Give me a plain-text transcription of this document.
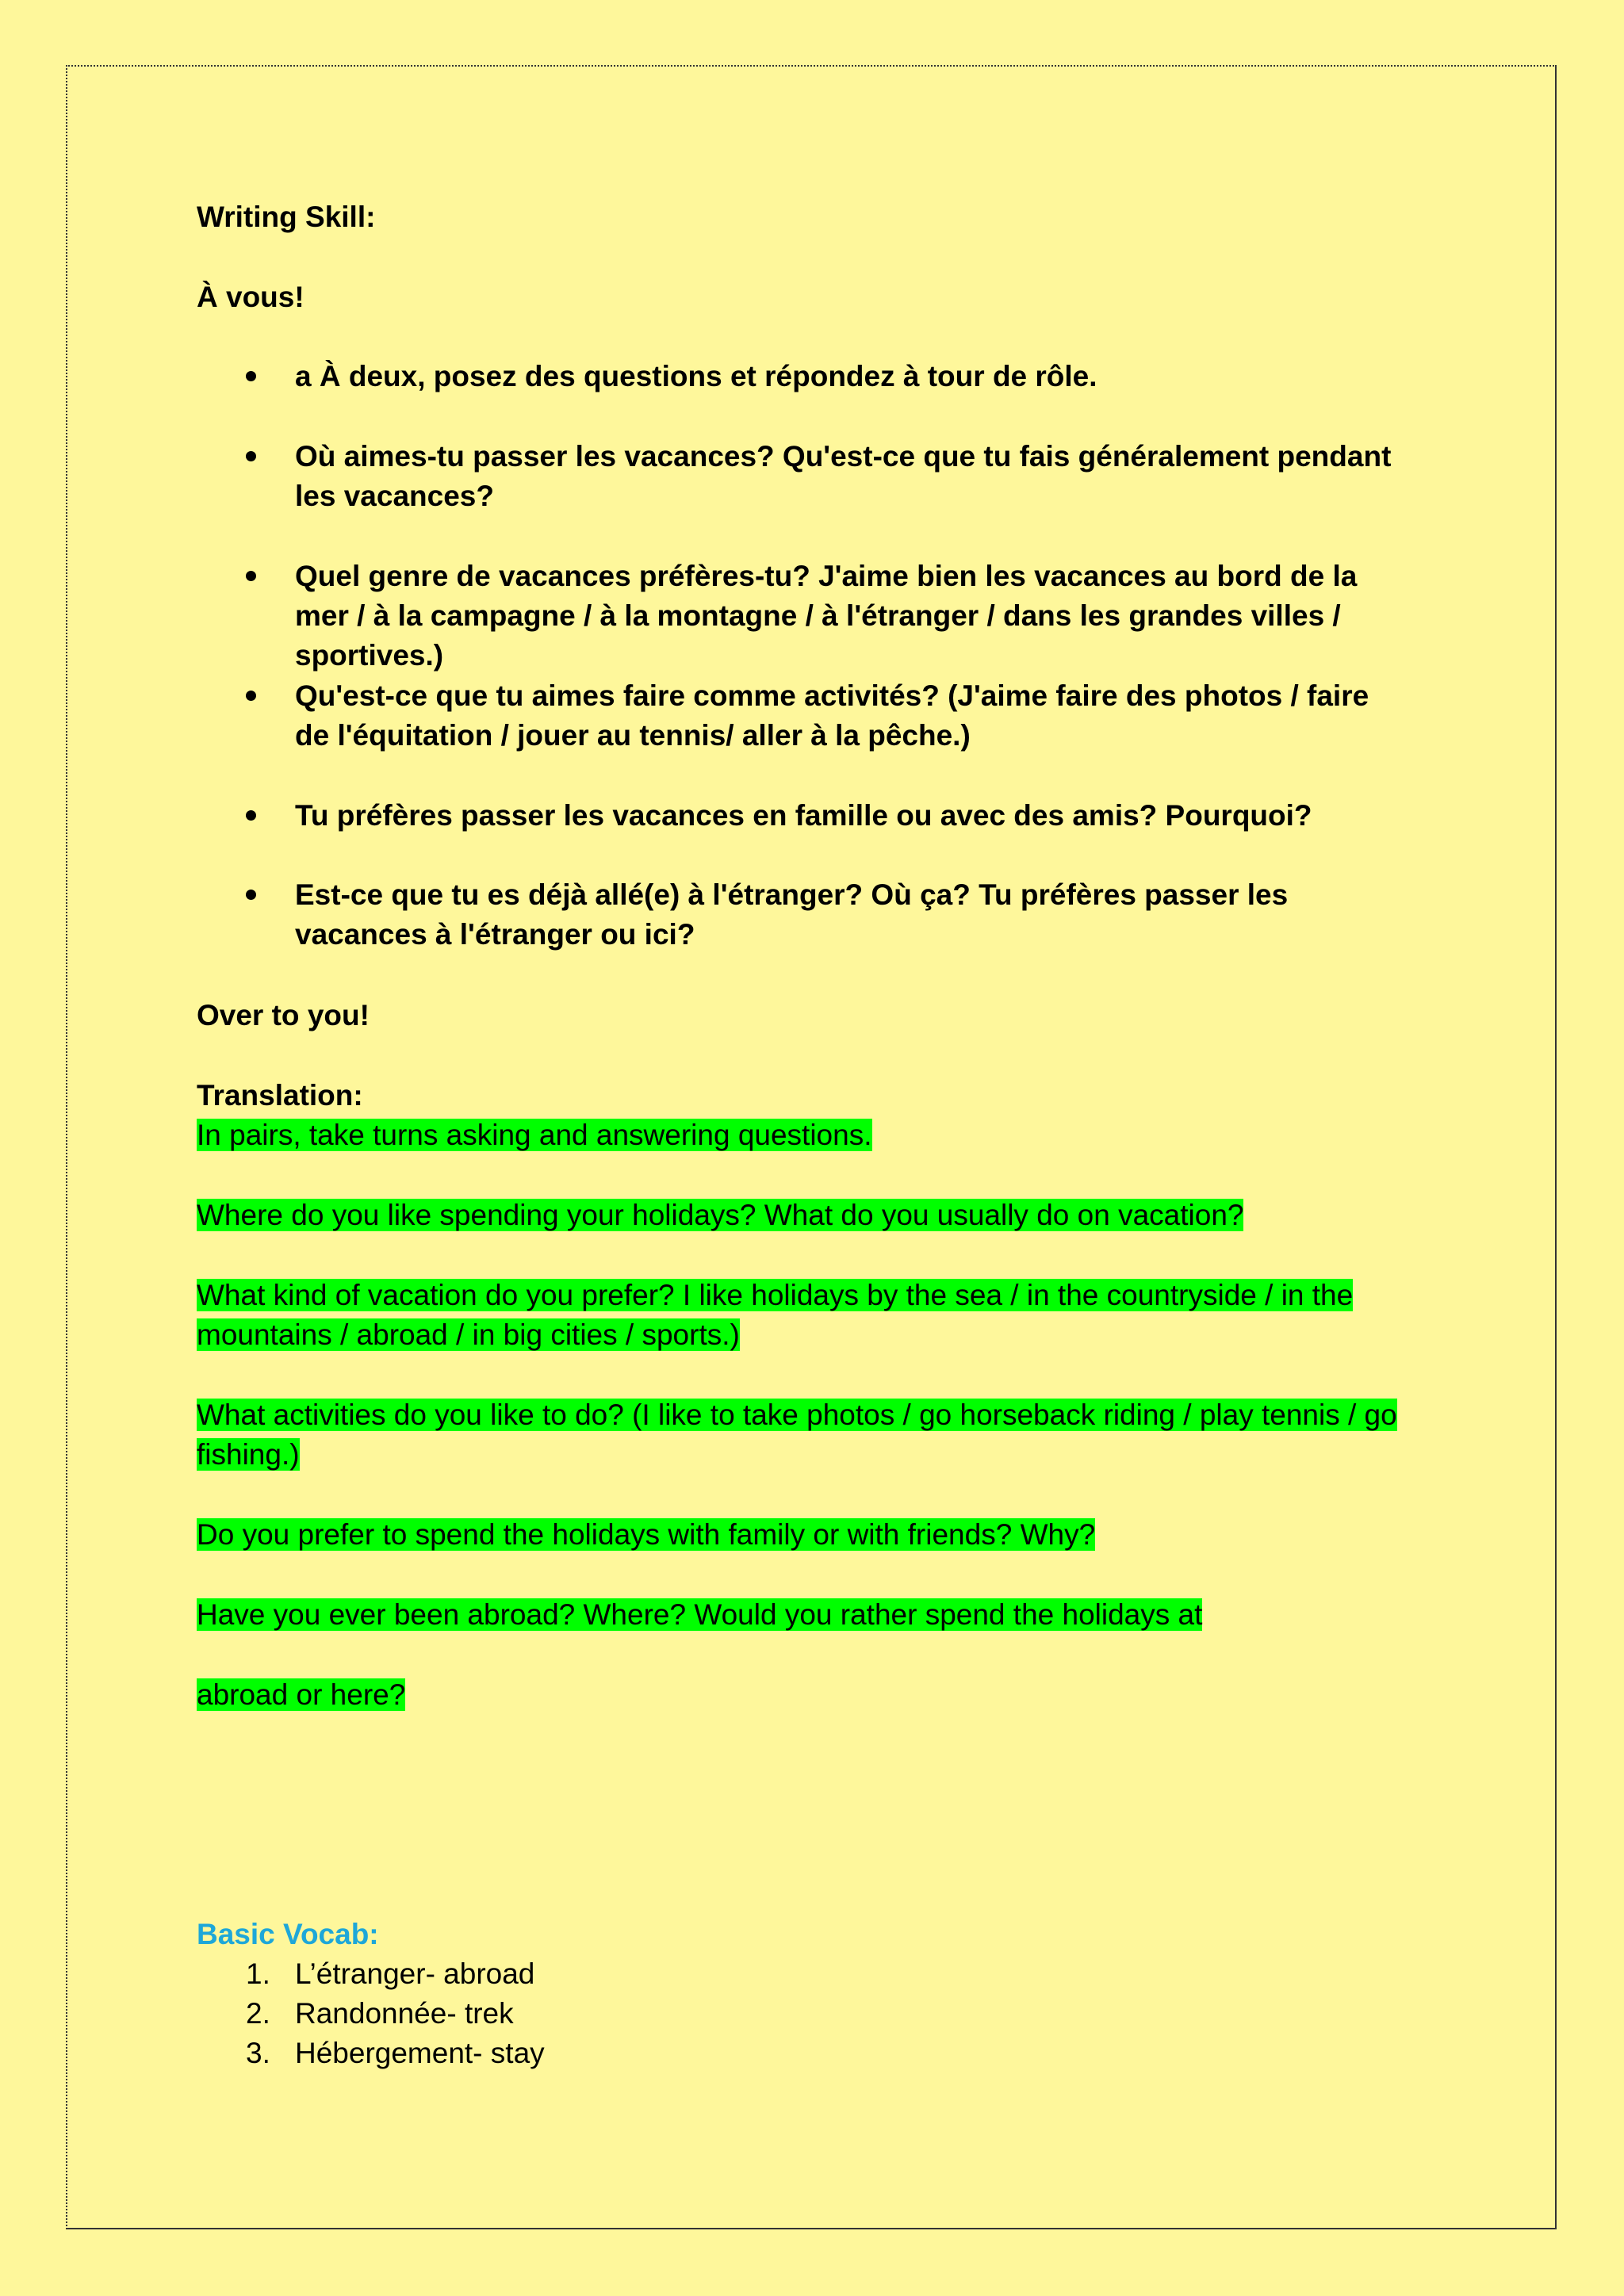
Writing Skill:
À vous!
a À deux, posez des questions et répondez à tour de rôle.
Où aimes-tu passer les vacances? Qu'est-ce que tu fais généralement pendant les vacances?
Quel genre de vacances préfères-tu? J'aime bien les vacances au bord de la mer / à la campagne / à la montagne / à l'étranger / dans les grandes villes / sportives.)
Qu'est-ce que tu aimes faire comme activités? (J'aime faire des photos / faire de l'équitation / jouer au tennis/ aller à la pêche.)
Tu préfères passer les vacances en famille ou avec des amis? Pourquoi?
Est-ce que tu es déjà allé(e) à l'étranger? Où ça? Tu préfères passer les vacances à l'étranger ou ici?
Over to you!
Translation:
In pairs, take turns asking and answering questions.
Where do you like spending your holidays? What do you usually do on vacation?
What kind of vacation do you prefer? I like holidays by the sea / in the countryside / in the mountains / abroad / in big cities / sports.)
What activities do you like to do? (I like to take photos / go horseback riding / play tennis / go fishing.)
Do you prefer to spend the holidays with family or with friends? Why?
Have you ever been abroad? Where? Would you rather spend the holidays at
abroad or here?
Basic Vocab:
1. L’étranger- abroad
2. Randonnée- trek
3. Hébergement- stay
